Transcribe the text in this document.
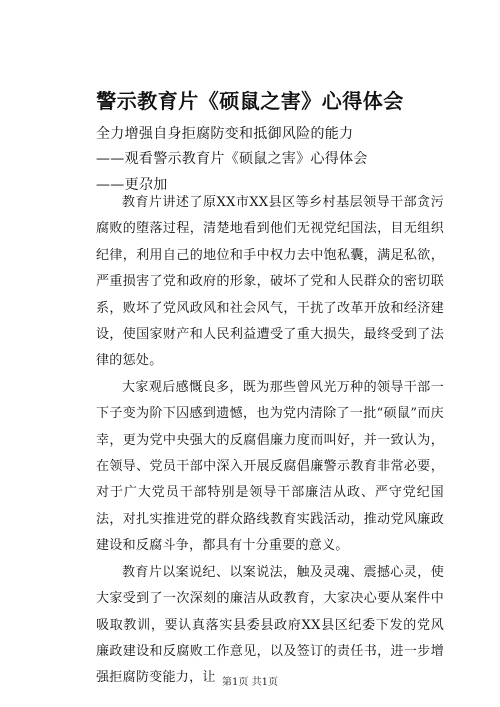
警示教育片《硕鼠之害》心得体会
全力增强自身拒腐防变和抵御风险的能力
——观看警示教育片《硕鼠之害》心得体会
——更尕加

教育片讲述了原XX市XX县区等乡村基层领导干部贪污腐败的堕落过程，清楚地看到他们无视党纪国法，目无组织纪律，利用自己的地位和手中权力去中饱私囊，满足私欲，严重损害了党和政府的形象，破坏了党和人民群众的密切联系，败坏了党风政风和社会风气，干扰了改革开放和经济建设，使国家财产和人民利益遭受了重大损失，最终受到了法律的惩处。

大家观后感慨良多，既为那些曾风光万种的领导干部一下子变为阶下囚感到遗憾，也为党内清除了一批“硕鼠”而庆幸，更为党中央强大的反腐倡廉力度而叫好，并一致认为，在领导、党员干部中深入开展反腐倡廉警示教育非常必要，对于广大党员干部特别是领导干部廉洁从政、严守党纪国法，对扎实推进党的群众路线教育实践活动，推动党风廉政建设和反腐斗争，都具有十分重要的意义。

教育片以案说纪、以案说法，触及灵魂、震撼心灵，使大家受到了一次深刻的廉洁从政教育，大家决心要从案件中吸取教训，要认真落实县委县政府XX县区纪委下发的党风廉政建设和反腐败工作意见，以及签订的责任书，进一步增强拒腐防变能力，让 第1页 共1页
